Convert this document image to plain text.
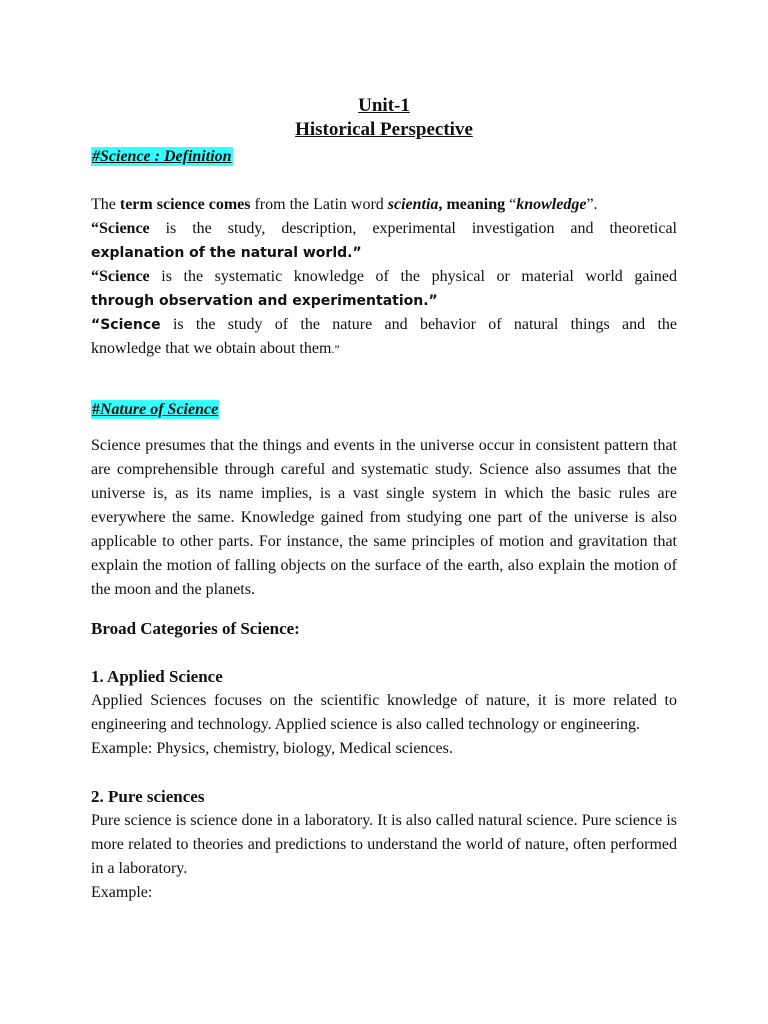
Unit-1

Historical Perspective

#Science : Definition

The term science comes from the Latin word scientia, meaning “knowledge”.

“Science is the study, description, experimental investigation and theoretical

explanation of the natural world.”

“Science is the systematic knowledge of the physical or material world gained

through observation and experimentation.”

“Science is the study of the nature and behavior of natural things and the

knowledge that we obtain about them.”

#Nature of Science

Science presumes that the things and events in the universe occur in consistent pattern that are comprehensible through careful and systematic study. Science also assumes that the universe is, as its name implies, is a vast single system in which the basic rules are everywhere the same. Knowledge gained from studying one part of the universe is also applicable to other parts. For instance, the same principles of motion and gravitation that explain the motion of falling objects on the surface of the earth, also explain the motion of the moon and the planets.

Broad Categories of Science:

1. Applied Science

Applied Sciences focuses on the scientific knowledge of nature, it is more related to engineering and technology. Applied science is also called technology or engineering.

Example: Physics, chemistry, biology, Medical sciences.

2. Pure sciences

Pure science is science done in a laboratory. It is also called natural science. Pure science is more related to theories and predictions to understand the world of nature, often performed in a laboratory.

Example:
